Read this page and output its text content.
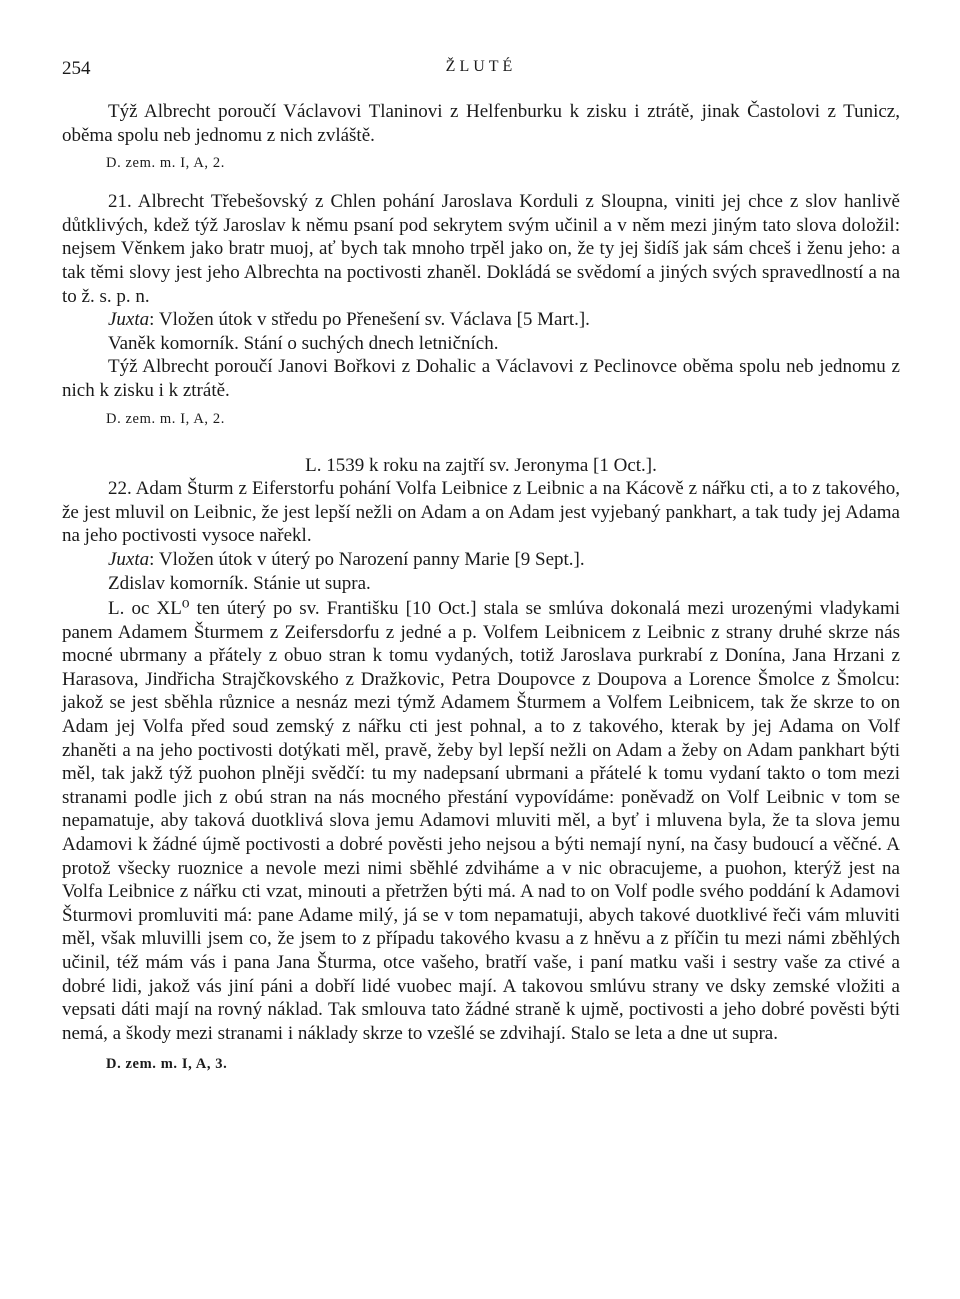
254	ŽLUTÉ

Týž Albrecht poroučí Václavovi Tlaninovi z Helfenburku k zisku i ztrátě, jinak Častolovi z Tunicz, oběma spolu neb jednomu z nich zvláště.

D. zem. m. I, A, 2.

21. Albrecht Třebešovský z Chlen pohání Jaroslava Korduli z Sloupna, viniti jej chce z slov hanlivě důtklivých, kdež týž Jaroslav k němu psaní pod sekrytem svým učinil a v něm mezi jiným tato slova doložil: nejsem Věnkem jako bratr muoj, ať bych tak mnoho trpěl jako on, že ty jej šidíš jak sám chceš i ženu jeho: a tak těmi slovy jest jeho Albrechta na poctivosti zhaněl. Dokládá se svědomí a jiných svých spravedlností a na to ž. s. p. n.

Juxta: Vložen útok v středu po Přenešení sv. Václava [5 Mart.].

Vaněk komorník. Stání o suchých dnech letničních.

Týž Albrecht poroučí Janovi Bořkovi z Dohalic a Václavovi z Peclinovce oběma spolu neb jednomu z nich k zisku i k ztrátě.

D. zem. m. I, A, 2.

L. 1539 k roku na zajtří sv. Jeronyma [1 Oct.].

22. Adam Šturm z Eiferstorfu pohání Volfa Leibnice z Leibnic a na Kácově z nářku cti, a to z takového, že jest mluvil on Leibnic, že jest lepší nežli on Adam a on Adam jest vyjebaný pankhart, a tak tudy jej Adama na jeho poctivosti vysoce nařekl.

Juxta: Vložen útok v úterý po Narození panny Marie [9 Sept.].

Zdislav komorník. Stánie ut supra.

L. oc XL⁰ ten úterý po sv. Františku [10 Oct.] stala se smlúva dokonalá mezi urozenými vladykami panem Adamem Šturmem z Zeifersdorfu z jedné a p. Volfem Leibnicem z Leibnic z strany druhé skrze nás mocné ubrmany a přátely z obuo stran k tomu vydaných, totiž Jaroslava purkrabí z Donína, Jana Hrzani z Harasova, Jindřicha Strajčkovského z Dražkovic, Petra Doupovce z Doupova a Lorence Šmolce z Šmolcu: jakož se jest sběhla různice a nesnáz mezi týmž Adamem Šturmem a Volfem Leibnicem, tak že skrze to on Adam jej Volfa před soud zemský z nářku cti jest pohnal, a to z takového, kterak by jej Adama on Volf zhaněti a na jeho poctivosti dotýkati měl, pravě, žeby byl lepší nežli on Adam a žeby on Adam pankhart býti měl, tak jakž týž puohon plněji svědčí: tu my nadepsaní ubrmani a přátelé k tomu vydaní takto o tom mezi stranami podle jich z obú stran na nás mocného přestání vypovídáme: poněvadž on Volf Leibnic v tom se nepamatuje, aby taková duotklivá slova jemu Adamovi mluviti měl, a byť i mluvena byla, že ta slova jemu Adamovi k žádné újmě poctivosti a dobré pověsti jeho nejsou a býti nemají nyní, na časy budoucí a věčné. A protož všecky ruoznice a nevole mezi nimi sběhlé zdviháme a v nic obracujeme, a puohon, kterýž jest na Volfa Leibnice z nářku cti vzat, minouti a přetržen býti má. A nad to on Volf podle svého poddání k Adamovi Šturmovi promluviti má: pane Adame milý, já se v tom nepamatuji, abych takové duotklivé řeči vám mluviti měl, však mluvilli jsem co, že jsem to z případu takového kvasu a z hněvu a z příčin tu mezi námi zběhlých učinil, též mám vás i pana Jana Šturma, otce vašeho, bratří vaše, i paní matku vaši i sestry vaše za ctivé a dobré lidi, jakož vás jiní páni a dobří lidé vuobec mají. A takovou smlúvu strany ve dsky zemské vložiti a vepsati dáti mají na rovný náklad. Tak smlouva tato žádné straně k ujmě, poctivosti a jeho dobré pověsti býti nemá, a škody mezi stranami i náklady skrze to vzešlé se zdvihají. Stalo se leta a dne ut supra.

D. zem. m. I, A, 3.
